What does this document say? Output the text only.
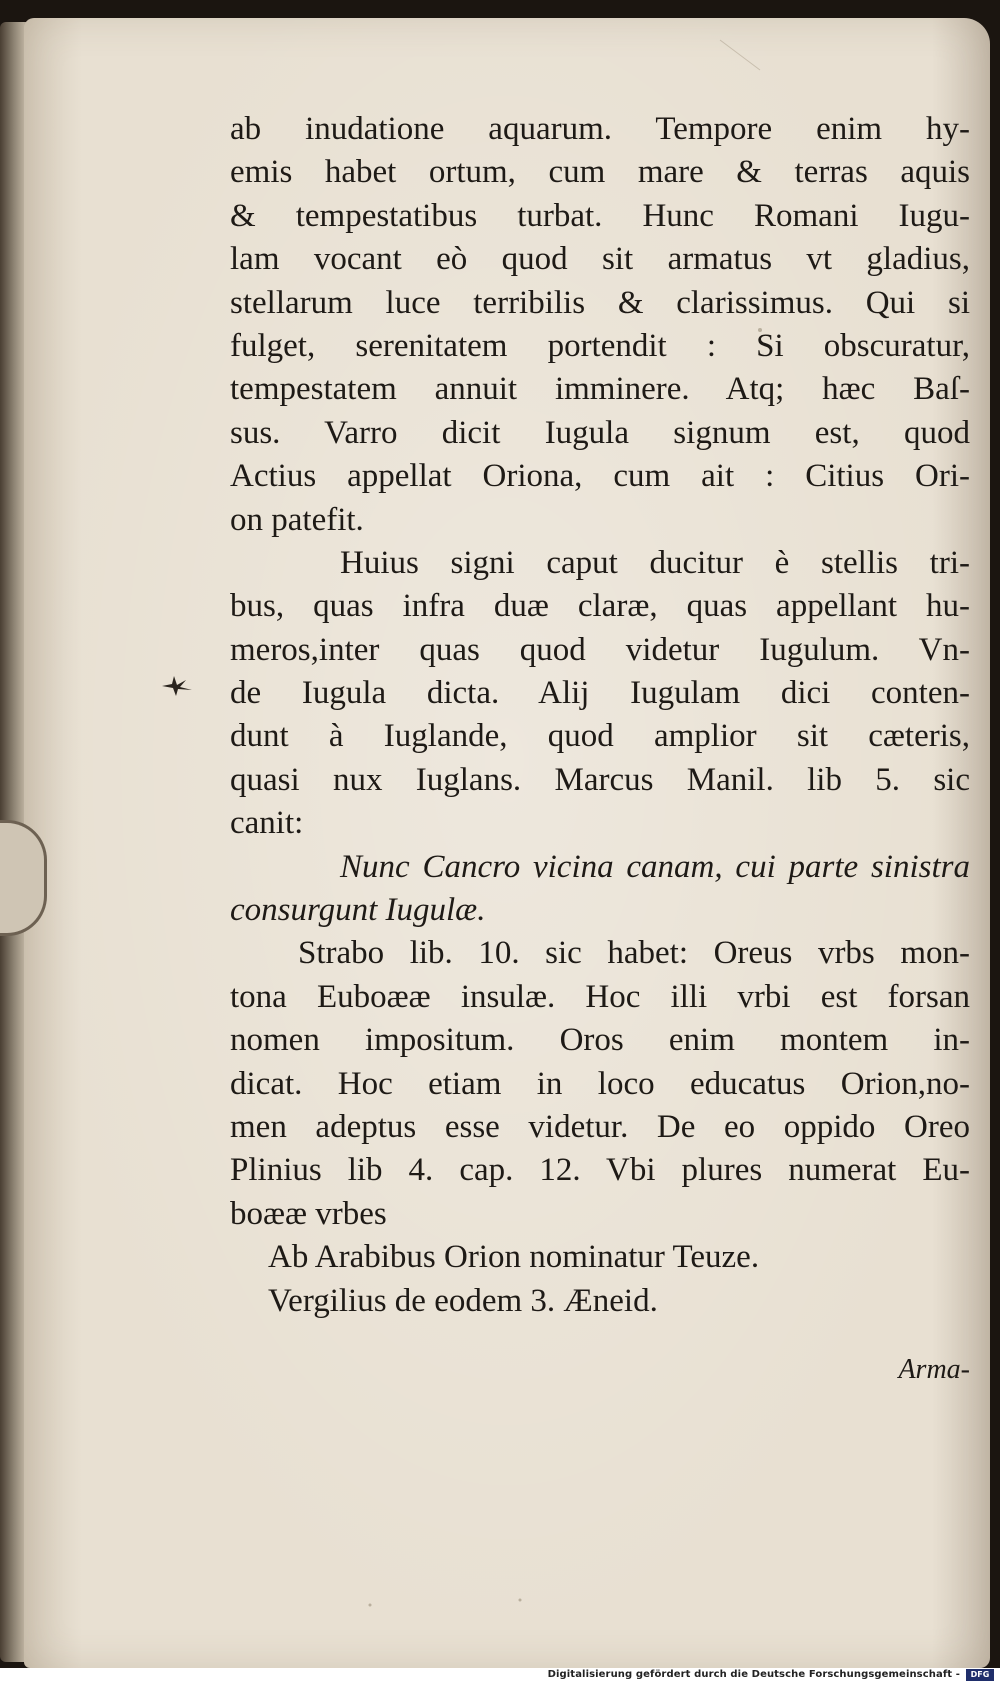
ab inudatione aquarum. Tempore enim hy-
emis habet ortum, cum mare & terras aquis
& tempestatibus turbat. Hunc Romani Iugu-
lam vocant eò quod sit armatus vt gladius,
stellarum luce terribilis & clarissimus. Qui si
fulget, serenitatem portendit : Si obscuratur,
tempestatem annuit imminere. Atq; hæc Baſ-
sus. Varro dicit Iugula signum est, quod
Actius appellat Oriona, cum ait : Citius Ori-
on patefit.
Huius signi caput ducitur è stellis tri-
bus, quas infra duæ claræ, quas appellant hu-
meros,inter quas quod videtur Iugulum. Vn-
de Iugula dicta. Alij Iugulam dici conten-
dunt à Iuglande, quod amplior sit cæteris,
quasi nux Iuglans. Marcus Manil. lib 5. sic
canit:
Nunc Cancro vicina canam, cui parte sinistra
consurgunt Iugulæ.
Strabo lib. 10. sic habet: Oreus vrbs mon-
tona Euboææ insulæ. Hoc illi vrbi est forsan
nomen impositum. Oros enim montem in-
dicat. Hoc etiam in loco educatus Orion,no-
men adeptus esse videtur. De eo oppido Oreo
Plinius lib 4. cap. 12. Vbi plures numerat Eu-
boææ vrbes
Ab Arabibus Orion nominatur Teuze.
Vergilius de eodem 3. Æneid.
Arma-
Digitalisierung gefördert durch die Deutsche Forschungsgemeinschaft -	DFG
